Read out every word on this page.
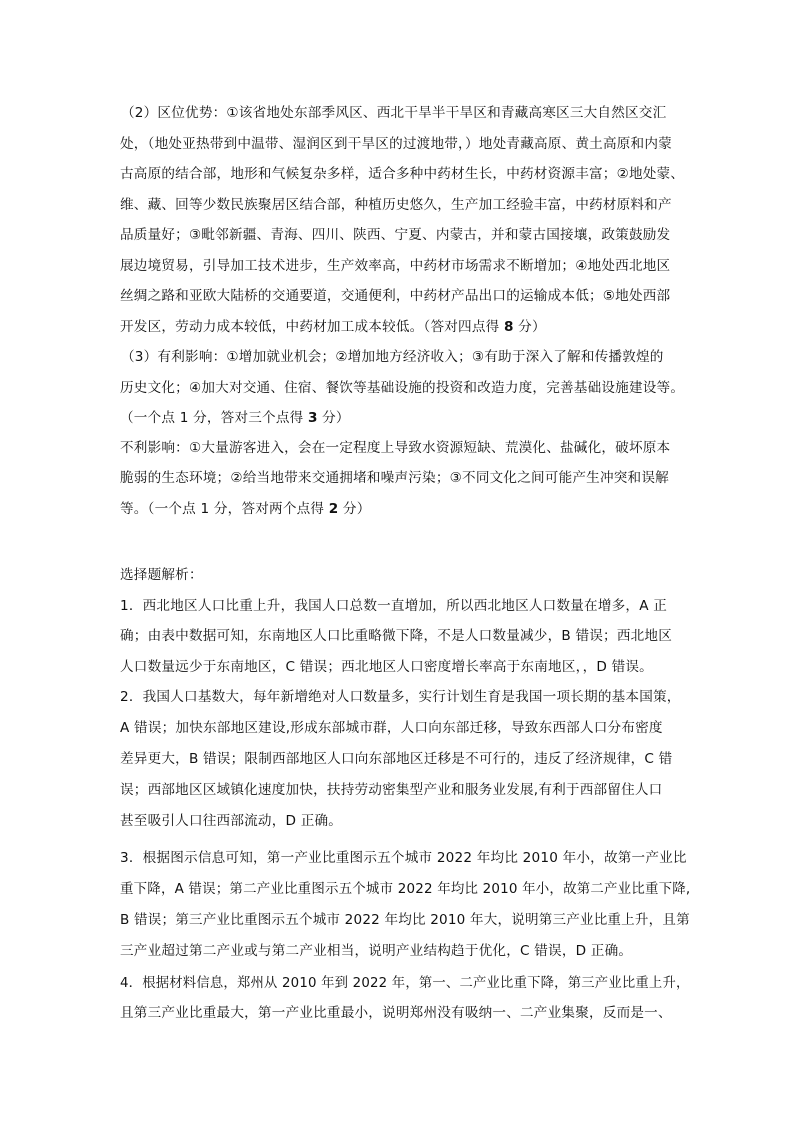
（2）区位优势：①该省地处东部季风区、西北干旱半干旱区和青藏高寒区三大自然区交汇
处，（地处亚热带到中温带、湿润区到干旱区的过渡地带，）地处青藏高原、黄土高原和内蒙
古高原的结合部，地形和气候复杂多样，适合多种中药材生长，中药材资源丰富；②地处蒙、
维、藏、回等少数民族聚居区结合部，种植历史悠久，生产加工经验丰富，中药材原料和产
品质量好；③毗邻新疆、青海、四川、陕西、宁夏、内蒙古，并和蒙古国接壤，政策鼓励发
展边境贸易，引导加工技术进步，生产效率高，中药材市场需求不断增加；④地处西北地区
丝绸之路和亚欧大陆桥的交通要道，交通便利，中药材产品出口的运输成本低；⑤地处西部
开发区，劳动力成本较低，中药材加工成本较低。（答对四点得 8 分）
（3）有利影响：①增加就业机会；②增加地方经济收入；③有助于深入了解和传播敦煌的
历史文化；④加大对交通、住宿、餐饮等基础设施的投资和改造力度，完善基础设施建设等。
（一个点 1 分，答对三个点得 3 分）
不利影响：①大量游客进入，会在一定程度上导致水资源短缺、荒漠化、盐碱化，破坏原本
脆弱的生态环境；②给当地带来交通拥堵和噪声污染；③不同文化之间可能产生冲突和误解
等。（一个点 1 分，答对两个点得 2 分）
选择题解析：
1．西北地区人口比重上升，我国人口总数一直增加，所以西北地区人口数量在增多，A 正
确；由表中数据可知，东南地区人口比重略微下降，不是人口数量减少，B 错误；西北地区
人口数量远少于东南地区，C 错误；西北地区人口密度增长率高于东南地区，，D 错误。
2．我国人口基数大，每年新增绝对人口数量多，实行计划生育是我国一项长期的基本国策，
A 错误；加快东部地区建设,形成东部城市群，人口向东部迁移，导致东西部人口分布密度
差异更大，B 错误；限制西部地区人口向东部地区迁移是不可行的，违反了经济规律，C 错
误；西部地区区域镇化速度加快，扶持劳动密集型产业和服务业发展,有利于西部留住人口
甚至吸引人口往西部流动，D 正确。
3．根据图示信息可知，第一产业比重图示五个城市 2022 年均比 2010 年小，故第一产业比
重下降，A 错误；第二产业比重图示五个城市 2022 年均比 2010 年小，故第二产业比重下降,
B 错误；第三产业比重图示五个城市 2022 年均比 2010 年大，说明第三产业比重上升，且第
三产业超过第二产业或与第二产业相当，说明产业结构趋于优化，C 错误，D 正确。
4．根据材料信息，郑州从 2010 年到 2022 年，第一、二产业比重下降，第三产业比重上升，
且第三产业比重最大，第一产业比重最小，说明郑州没有吸纳一、二产业集聚，反而是一、
